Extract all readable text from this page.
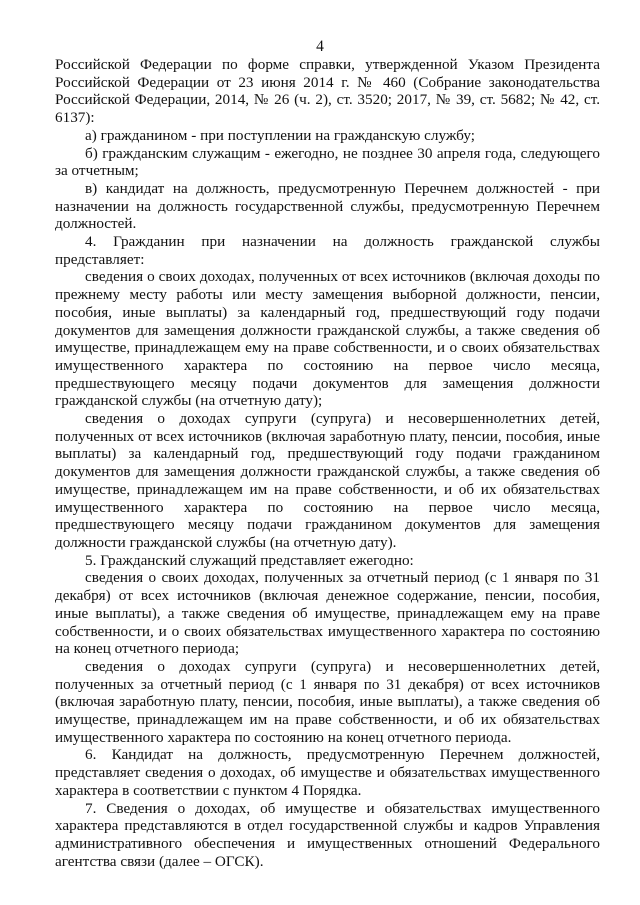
4

Российской Федерации по форме справки, утвержденной Указом Президента Российской Федерации от 23 июня 2014 г. № 460 (Собрание законодательства Российской Федерации, 2014, № 26 (ч. 2), ст. 3520; 2017, № 39, ст. 5682; № 42, ст. 6137):

а) гражданином - при поступлении на гражданскую службу;

б) гражданским служащим - ежегодно, не позднее 30 апреля года, следующего за отчетным;

в) кандидат на должность, предусмотренную Перечнем должностей - при назначении на должность государственной службы, предусмотренную Перечнем должностей.

4. Гражданин при назначении на должность гражданской службы представляет:

сведения о своих доходах, полученных от всех источников (включая доходы по прежнему месту работы или месту замещения выборной должности, пенсии, пособия, иные выплаты) за календарный год, предшествующий году подачи документов для замещения должности гражданской службы, а также сведения об имуществе, принадлежащем ему на праве собственности, и о своих обязательствах имущественного характера по состоянию на первое число месяца, предшествующего месяцу подачи документов для замещения должности гражданской службы (на отчетную дату);

сведения о доходах супруги (супруга) и несовершеннолетних детей, полученных от всех источников (включая заработную плату, пенсии, пособия, иные выплаты) за календарный год, предшествующий году подачи гражданином документов для замещения должности гражданской службы, а также сведения об имуществе, принадлежащем им на праве собственности, и об их обязательствах имущественного характера по состоянию на первое число месяца, предшествующего месяцу подачи гражданином документов для замещения должности гражданской службы (на отчетную дату).

5. Гражданский служащий представляет ежегодно:

сведения о своих доходах, полученных за отчетный период (с 1 января по 31 декабря) от всех источников (включая денежное содержание, пенсии, пособия, иные выплаты), а также сведения об имуществе, принадлежащем ему на праве собственности, и о своих обязательствах имущественного характера по состоянию на конец отчетного периода;

сведения о доходах супруги (супруга) и несовершеннолетних детей, полученных за отчетный период (с 1 января по 31 декабря) от всех источников (включая заработную плату, пенсии, пособия, иные выплаты), а также сведения об имуществе, принадлежащем им на праве собственности, и об их обязательствах имущественного характера по состоянию на конец отчетного периода.

6. Кандидат на должность, предусмотренную Перечнем должностей, представляет сведения о доходах, об имуществе и обязательствах имущественного характера в соответствии с пунктом 4 Порядка.

7. Сведения о доходах, об имуществе и обязательствах имущественного характера представляются в отдел государственной службы и кадров Управления административного обеспечения и имущественных отношений Федерального агентства связи (далее – ОГСК).
